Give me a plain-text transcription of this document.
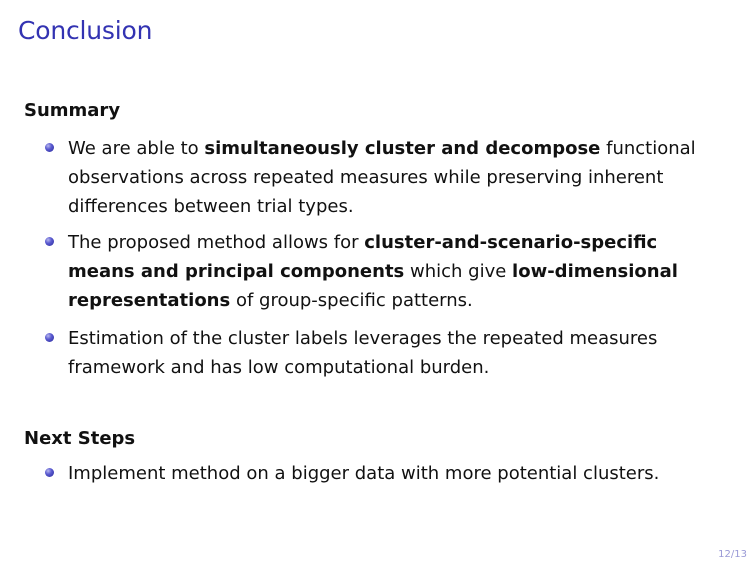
Conclusion
Summary
We are able to simultaneously cluster and decompose functional observations across repeated measures while preserving inherent differences between trial types.
The proposed method allows for cluster-and-scenario-specific means and principal components which give low-dimensional representations of group-specific patterns.
Estimation of the cluster labels leverages the repeated measures framework and has low computational burden.
Next Steps
Implement method on a bigger data with more potential clusters.
12/13
